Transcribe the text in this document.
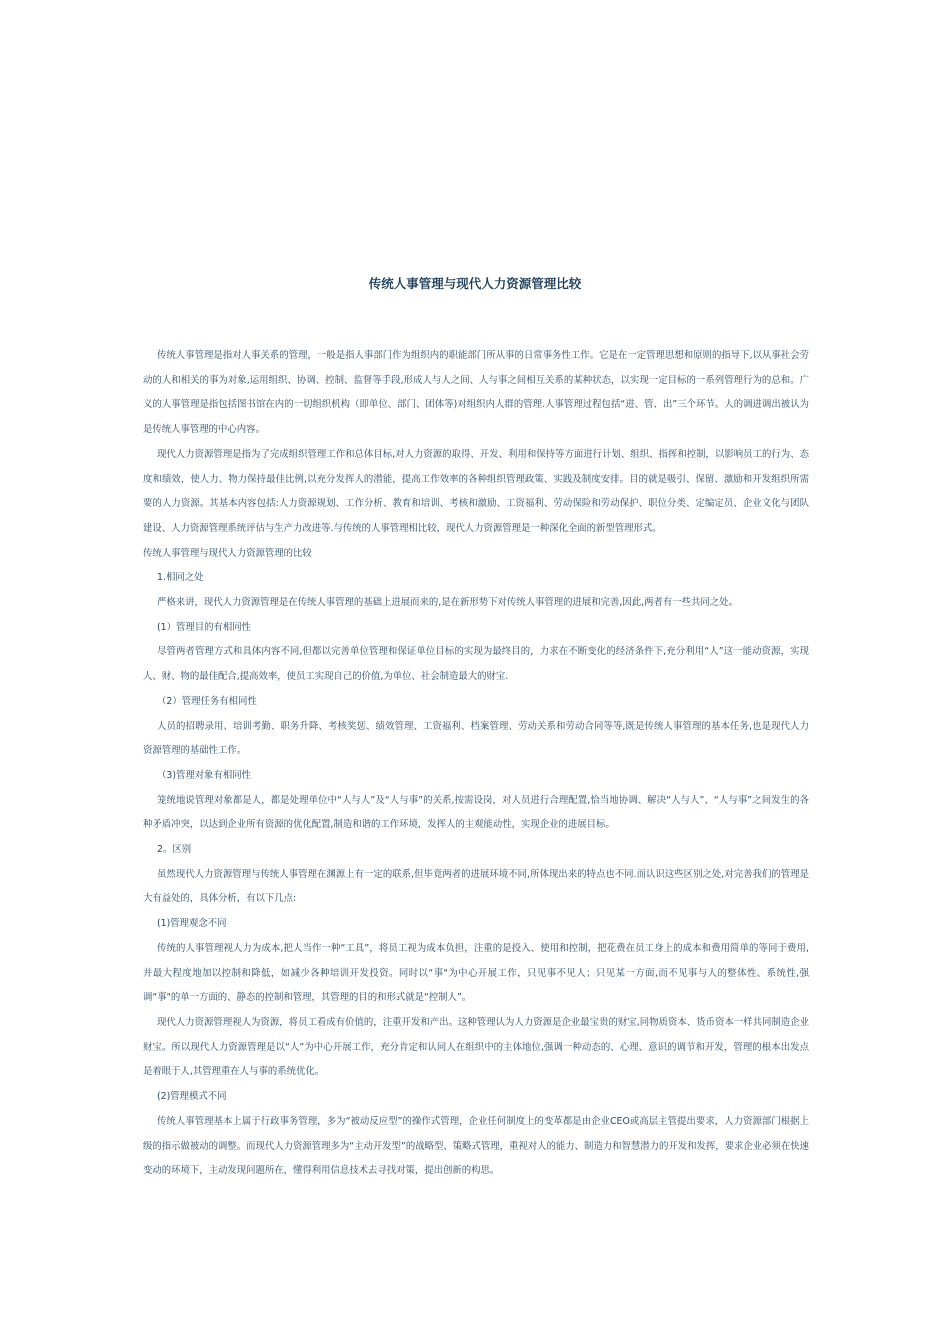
传统人事管理与现代人力资源管理比较

传统人事管理是指对人事关系的管理，一般是指人事部门作为组织内的职能部门所从事的日常事务性工作。它是在一定管理思想和原则的指导下,以从事社会劳动的人和相关的事为对象,运用组织、协调、控制、监督等手段,形成人与人之间、人与事之间相互关系的某种状态，以实现一定目标的一系列管理行为的总和。广义的人事管理是指包括图书馆在内的一切组织机构（即单位、部门、团体等)对组织内人群的管理.人事管理过程包括“进、管、出”三个环节。人的调进调出被认为是传统人事管理的中心内容。

现代人力资源管理是指为了完成组织管理工作和总体目标,对人力资源的取得、开发、利用和保持等方面进行计划、组织、指挥和控制，以影响员工的行为、态度和绩效，使人力、物力保持最佳比例,以充分发挥人的潜能，提高工作效率的各种组织管理政策、实践及制度安排。目的就是吸引、保留、激励和开发组织所需要的人力资源。其基本内容包括:人力资源规划、工作分析、教育和培训、考核和激励、工资福利、劳动保险和劳动保护、职位分类、定编定员、企业文化与团队建设、人力资源管理系统评估与生产力改进等.与传统的人事管理相比较，现代人力资源管理是一种深化全面的新型管理形式。

传统人事管理与现代人力资源管理的比较

1.相同之处

严格来讲，现代人力资源管理是在传统人事管理的基础上进展而来的,是在新形势下对传统人事管理的进展和完善,因此,两者有一些共同之处。

(1）管理目的有相同性

尽管两者管理方式和具体内容不同,但都以完善单位管理和保证单位目标的实现为最终目的，力求在不断变化的经济条件下,充分利用“人”这一能动资源，实现人、财、物的最佳配合,提高效率，使员工实现自己的价值,为单位、社会制造最大的财宝.

（2）管理任务有相同性

人员的招聘录用、培训考勤、职务升降、考核奖惩、绩效管理、工资福利、档案管理、劳动关系和劳动合同等等,既是传统人事管理的基本任务,也是现代人力资源管理的基础性工作。

（3)管理对象有相同性

笼统地说管理对象都是人，都是处理单位中“人与人”及“人与事”的关系,按需设岗，对人员进行合理配置,恰当地协调、解决“人与人”、“人与事”之间发生的各种矛盾冲突，以达到企业所有资源的优化配置,制造和谐的工作环境，发挥人的主观能动性，实现企业的进展目标。

2。区别

虽然现代人力资源管理与传统人事管理在渊源上有一定的联系,但毕竟两者的进展环境不同,所体现出来的特点也不同.而认识这些区别之处,对完善我们的管理是大有益处的，具体分析，有以下几点:

(1)管理观念不同

传统的人事管理视人力为成本,把人当作一种“工具”，将员工视为成本负担，注重的是投入、使用和控制，把花费在员工身上的成本和费用简单的等同于费用,并最大程度地加以控制和降低，如减少各种培训开发投资。同时以“事"为中心开展工作，只见事不见人；只见某一方面,而不见事与人的整体性、系统性,强调“事"的单一方面的、静态的控制和管理，其管理的目的和形式就是“控制人”。

现代人力资源管理视人为资源，将员工看成有价值的，注重开发和产出。这种管理认为人力资源是企业最宝贵的财宝,同物质资本、货币资本一样共同制造企业财宝。所以现代人力资源管理是以“人”为中心开展工作，充分肯定和认同人在组织中的主体地位,强调一种动态的、心理、意识的调节和开发，管理的根本出发点是着眼于人,其管理重在人与事的系统优化。

(2)管理模式不同

传统人事管理基本上属于行政事务管理，多为“被动反应型”的操作式管理，企业任何制度上的变革都是由企业CEO或高层主管提出要求，人力资源部门根据上级的指示做被动的调整。而现代人力资源管理多为“主动开发型”的战略型、策略式管理，重视对人的能力、制造力和智慧潜力的开发和发挥，要求企业必须在快速变动的环境下，主动发现问题所在，懂得利用信息技术去寻找对策，提出创新的构思。
